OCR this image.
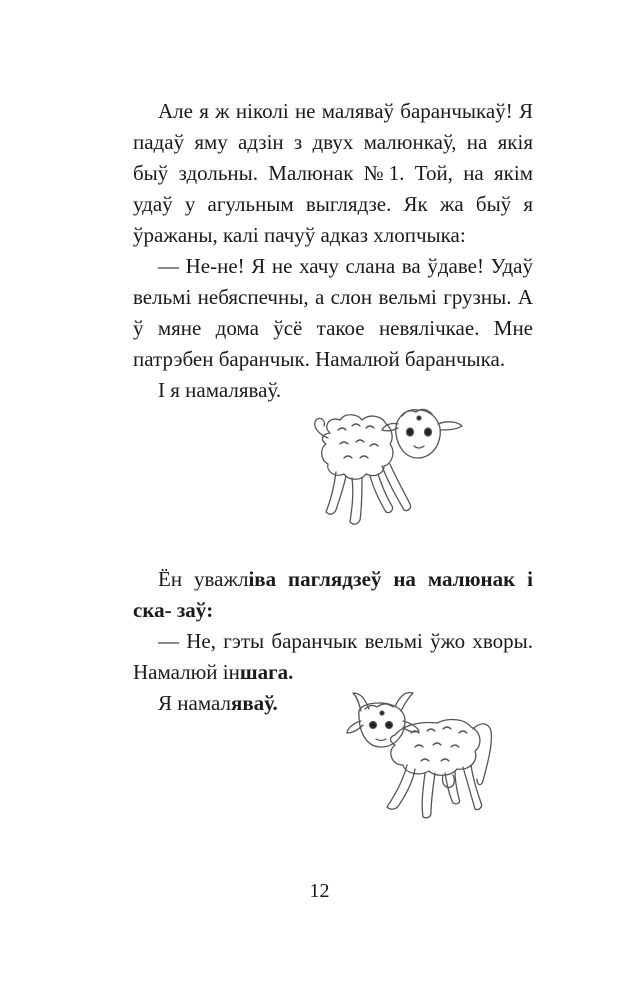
Але я ж ніколі не маляваў баранчыкаў! Я падаў яму адзін з двух малюнкаў, на якія быў здольны. Малюнак №1. Той, на якім удаў у агульным выглядзе. Як жа быў я ўражаны, калі пачуў адказ хлопчыка:

— Не-не! Я не хачу слана ва ўдаве! Удаў вельмі небяспечны, а слон вельмі грузны. А ў мяне дома ўсё такое невялічкае. Мне патрэбен баранчык. Намалюй баранчыка.

І я намаляваў.

Ён уважліва паглядзеў на малюнак і ска- заў:

— Не, гэты баранчык вельмі ўжо хворы. Намалюй іншага.

Я намаляваў.

12
